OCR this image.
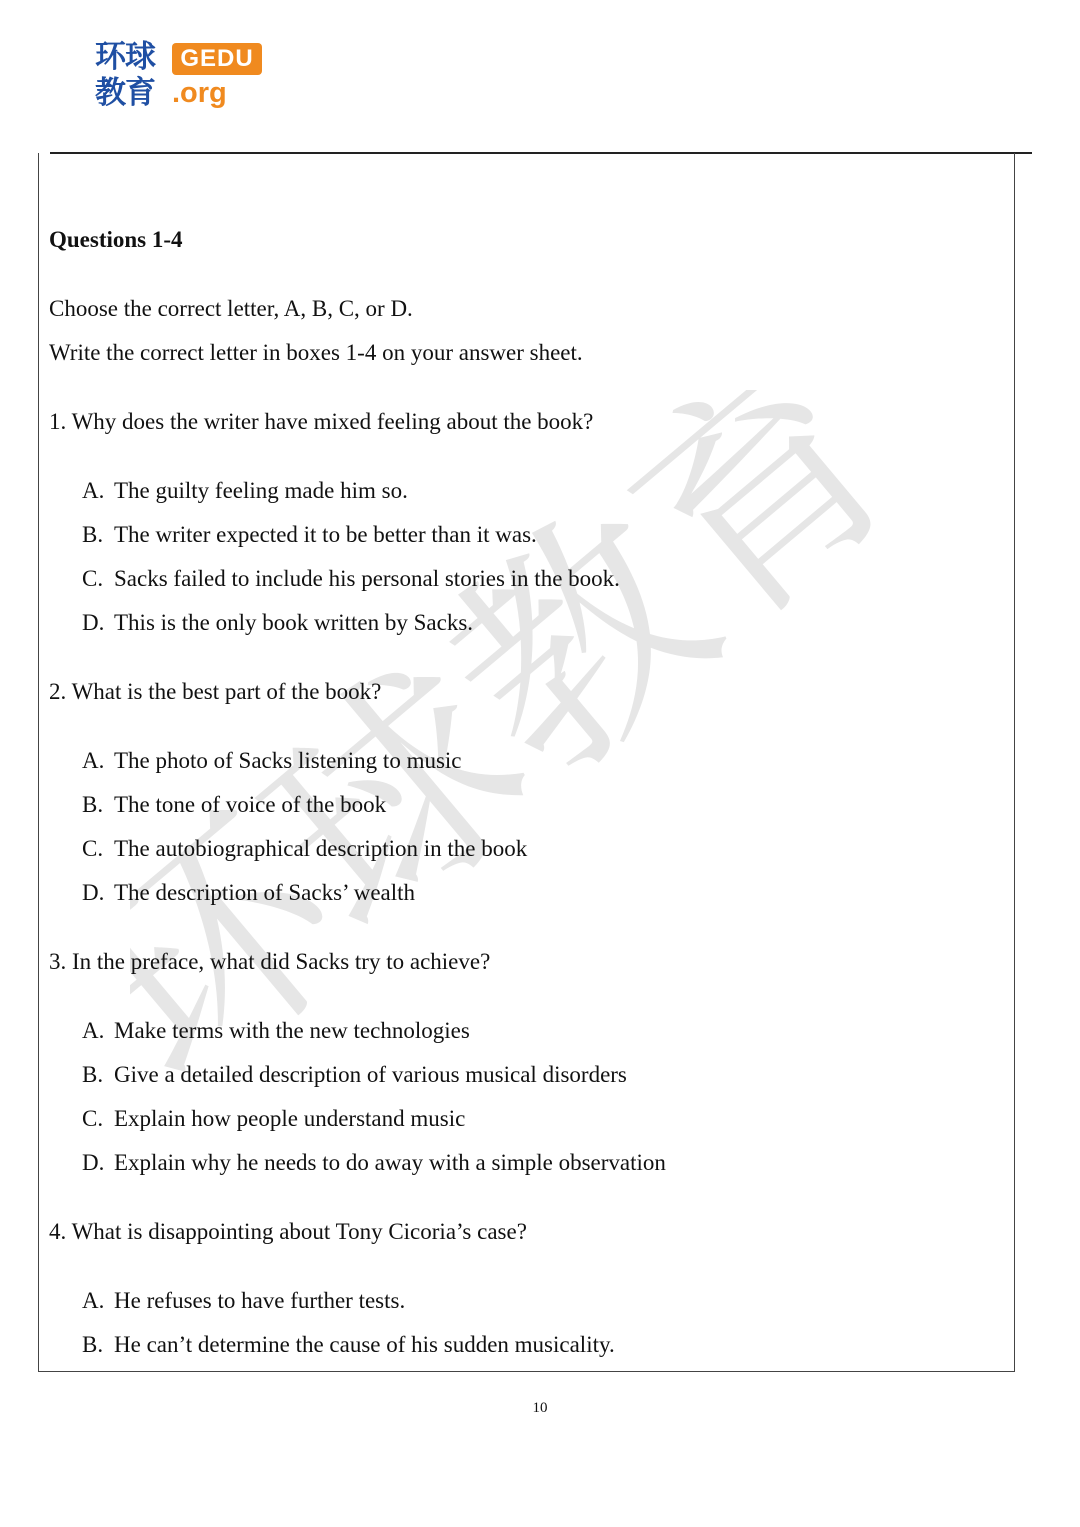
环球
教育
GEDU
.org
环球教育
Questions 1-4
Choose the correct letter, A, B, C, or D.
Write the correct letter in boxes 1-4 on your answer sheet.
1. Why does the writer have mixed feeling about the book?
A. The guilty feeling made him so.
B. The writer expected it to be better than it was.
C. Sacks failed to include his personal stories in the book.
D. This is the only book written by Sacks.
2. What is the best part of the book?
A. The photo of Sacks listening to music
B. The tone of voice of the book
C. The autobiographical description in the book
D. The description of Sacks’ wealth
3. In the preface, what did Sacks try to achieve?
A. Make terms with the new technologies
B. Give a detailed description of various musical disorders
C. Explain how people understand music
D. Explain why he needs to do away with a simple observation
4. What is disappointing about Tony Cicoria’s case?
A. He refuses to have further tests.
B. He can’t determine the cause of his sudden musicality.
10
